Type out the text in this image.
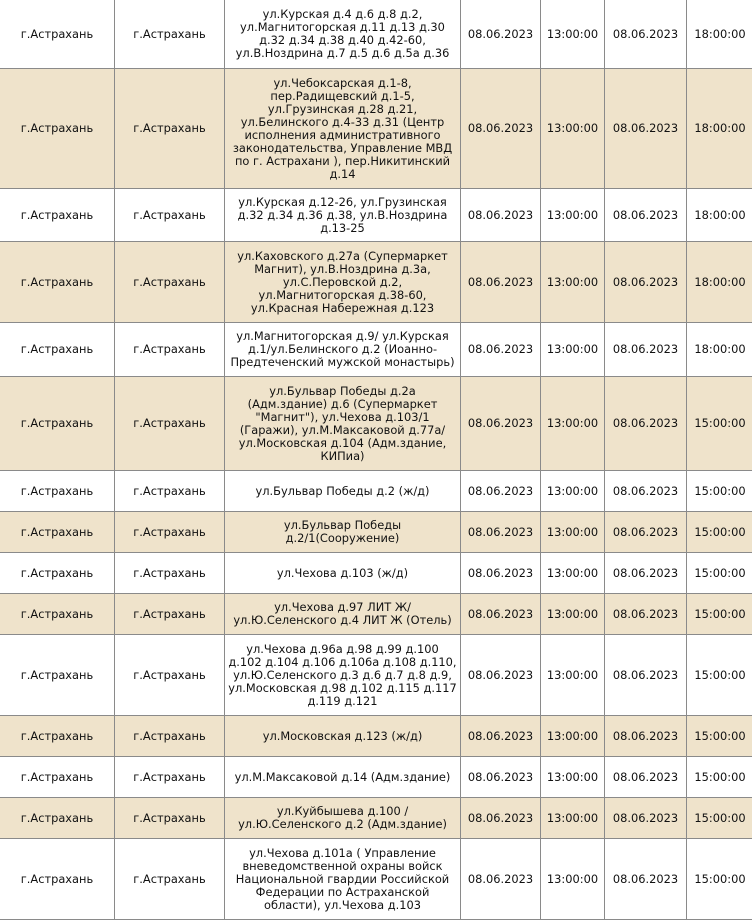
г.Астрахань	г.Астрахань	ул.Курская д.4 д.6 д.8 д.2, ул.Магнитогорская д.11 д.13 д.30 д.32 д.34 д.38 д.40 д.42-60, ул.В.Ноздрина д.7 д.5 д.6 д.5а д.36	08.06.2023	13:00:00	08.06.2023	18:00:00
г.Астрахань	г.Астрахань	ул.Чебоксарская д.1-8, пер.Радищевский д.1-5, ул.Грузинская д.28 д.21, ул.Белинского д.4-33 д.31 (Центр исполнения административного законодательства, Управление МВД по г. Астрахани ), пер.Никитинский д.14	08.06.2023	13:00:00	08.06.2023	18:00:00
г.Астрахань	г.Астрахань	ул.Курская д.12-26, ул.Грузинская д.32 д.34 д.36 д.38, ул.В.Ноздрина д.13-25	08.06.2023	13:00:00	08.06.2023	18:00:00
г.Астрахань	г.Астрахань	ул.Каховского д.27а (Супермаркет Магнит), ул.В.Ноздрина д.3а, ул.С.Перовской д.2, ул.Магнитогорская д.38-60, ул.Красная Набережная д.123	08.06.2023	13:00:00	08.06.2023	18:00:00
г.Астрахань	г.Астрахань	ул.Магнитогорская д.9/ ул.Курская д.1/ул.Белинского д.2 (Иоанно-Предтеченский мужской монастырь)	08.06.2023	13:00:00	08.06.2023	18:00:00
г.Астрахань	г.Астрахань	ул.Бульвар Победы д.2а (Адм.здание) д.6 (Супермаркет "Магнит"), ул.Чехова д.103/1 (Гаражи), ул.М.Максаковой д.77а/ ул.Московская д.104 (Адм.здание, КИПиа)	08.06.2023	13:00:00	08.06.2023	15:00:00
г.Астрахань	г.Астрахань	ул.Бульвар Победы д.2 (ж/д)	08.06.2023	13:00:00	08.06.2023	15:00:00
г.Астрахань	г.Астрахань	ул.Бульвар Победы д.2/1(Сооружение)	08.06.2023	13:00:00	08.06.2023	15:00:00
г.Астрахань	г.Астрахань	ул.Чехова д.103 (ж/д)	08.06.2023	13:00:00	08.06.2023	15:00:00
г.Астрахань	г.Астрахань	ул.Чехова д.97 ЛИТ Ж/ ул.Ю.Селенского д.4 ЛИТ Ж (Отель)	08.06.2023	13:00:00	08.06.2023	15:00:00
г.Астрахань	г.Астрахань	ул.Чехова д.96а д.98 д.99 д.100 д.102 д.104 д.106 д.106а д.108 д.110, ул.Ю.Селенского д.3 д.6 д.7 д.8 д.9, ул.Московская д.98 д.102 д.115 д.117 д.119 д.121	08.06.2023	13:00:00	08.06.2023	15:00:00
г.Астрахань	г.Астрахань	ул.Московская д.123 (ж/д)	08.06.2023	13:00:00	08.06.2023	15:00:00
г.Астрахань	г.Астрахань	ул.М.Максаковой д.14 (Адм.здание)	08.06.2023	13:00:00	08.06.2023	15:00:00
г.Астрахань	г.Астрахань	ул.Куйбышева д.100 / ул.Ю.Селенского д.2 (Адм.здание)	08.06.2023	13:00:00	08.06.2023	15:00:00
г.Астрахань	г.Астрахань	ул.Чехова д.101а ( Управление вневедомственной охраны войск Национальной гвардии Российской Федерации по Астраханской области), ул.Чехова д.103	08.06.2023	13:00:00	08.06.2023	15:00:00
